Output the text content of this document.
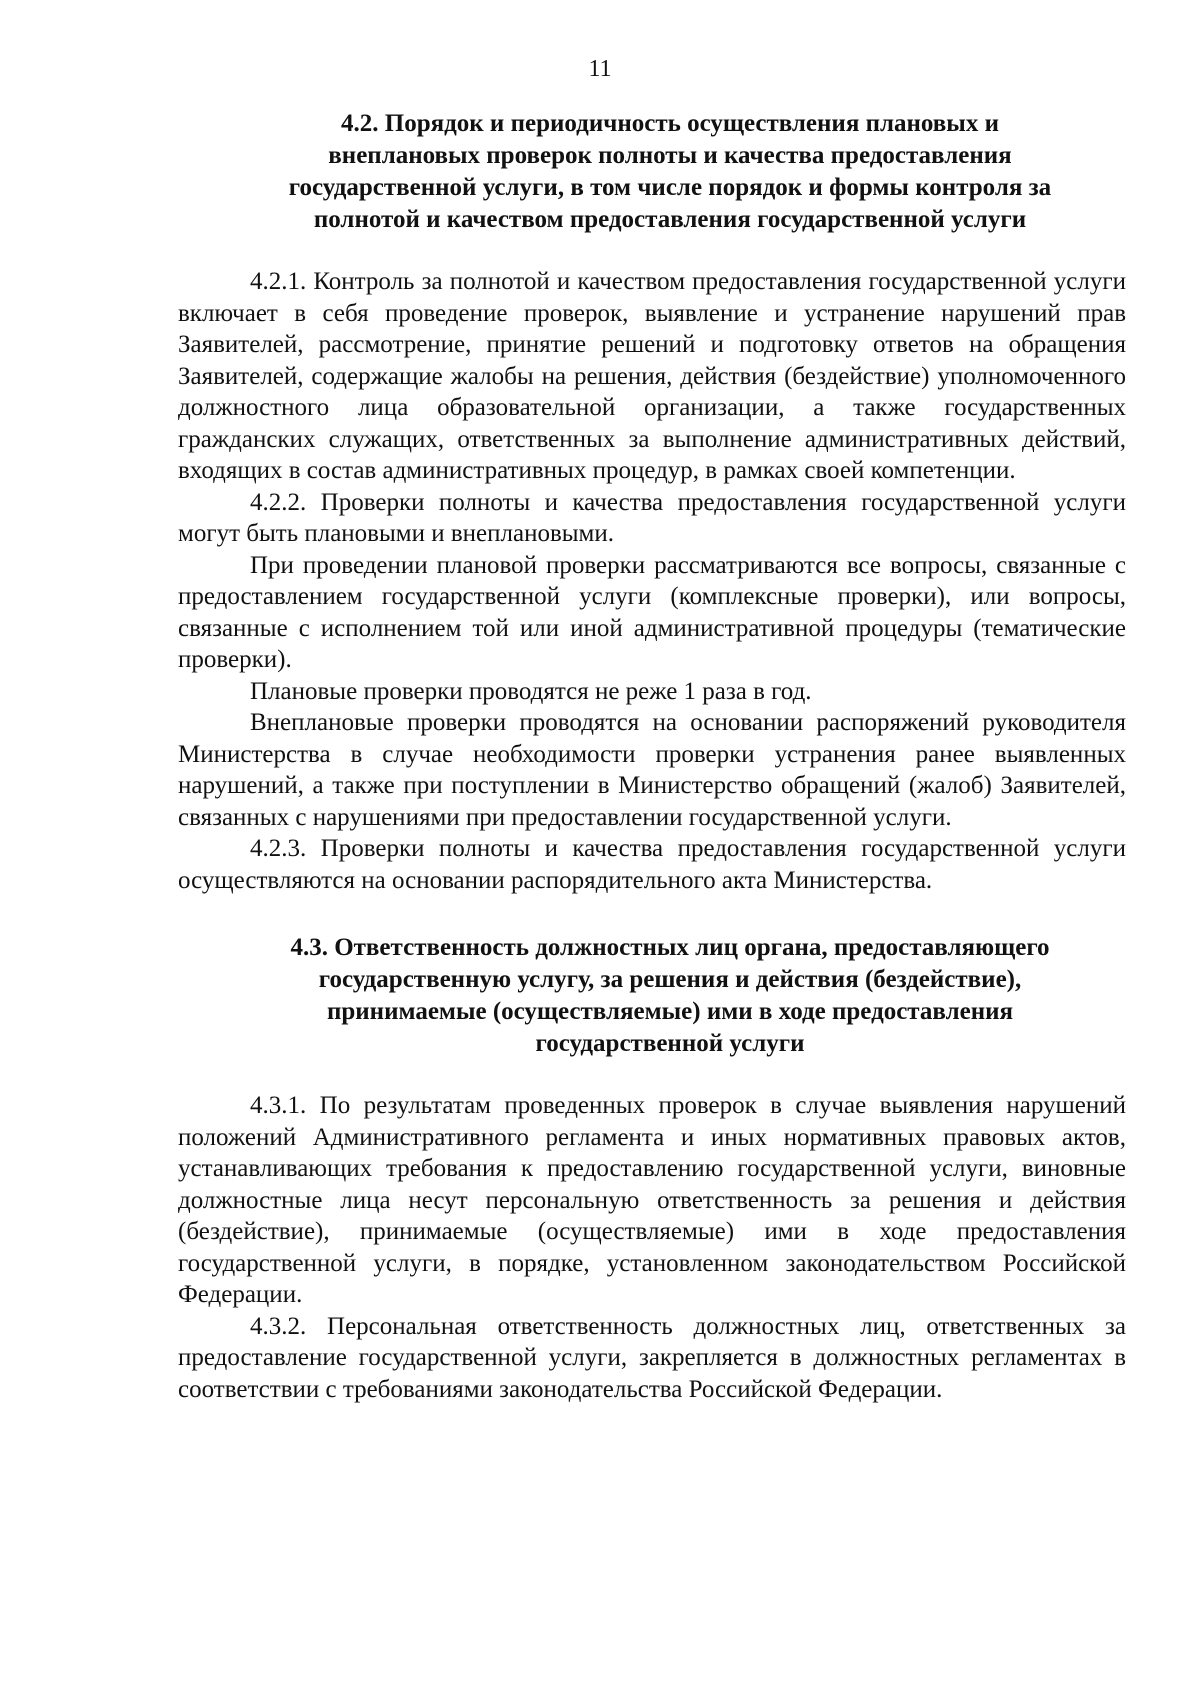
11
4.2. Порядок и периодичность осуществления плановых и
внеплановых проверок полноты и качества предоставления
государственной услуги, в том числе порядок и формы контроля за
полнотой и качеством предоставления государственной услуги

4.2.1. Контроль за полнотой и качеством предоставления государственной услуги включает в себя проведение проверок, выявление и устранение нарушений прав Заявителей, рассмотрение, принятие решений и подготовку ответов на обращения Заявителей, содержащие жалобы на решения, действия (бездействие) уполномоченного должностного лица образовательной организации, а также государственных гражданских служащих, ответственных за выполнение административных действий, входящих в состав административных процедур, в рамках своей компетенции.

4.2.2. Проверки полноты и качества предоставления государственной услуги могут быть плановыми и внеплановыми.

При проведении плановой проверки рассматриваются все вопросы, связанные с предоставлением государственной услуги (комплексные проверки), или вопросы, связанные с исполнением той или иной административной процедуры (тематические проверки).

Плановые проверки проводятся не реже 1 раза в год.

Внеплановые проверки проводятся на основании распоряжений руководителя Министерства в случае необходимости проверки устранения ранее выявленных нарушений, а также при поступлении в Министерство обращений (жалоб) Заявителей, связанных с нарушениями при предоставлении государственной услуги.

4.2.3. Проверки полноты и качества предоставления государственной услуги осуществляются на основании распорядительного акта Министерства.

4.3. Ответственность должностных лиц органа, предоставляющего
государственную услугу, за решения и действия (бездействие),
принимаемые (осуществляемые) ими в ходе предоставления
государственной услуги

4.3.1. По результатам проведенных проверок в случае выявления нарушений положений Административного регламента и иных нормативных правовых актов, устанавливающих требования к предоставлению государственной услуги, виновные должностные лица несут персональную ответственность за решения и действия (бездействие), принимаемые (осуществляемые) ими в ходе предоставления государственной услуги, в порядке, установленном законодательством Российской Федерации.

4.3.2. Персональная ответственность должностных лиц, ответственных за предоставление государственной услуги, закрепляется в должностных регламентах в соответствии с требованиями законодательства Российской Федерации.
